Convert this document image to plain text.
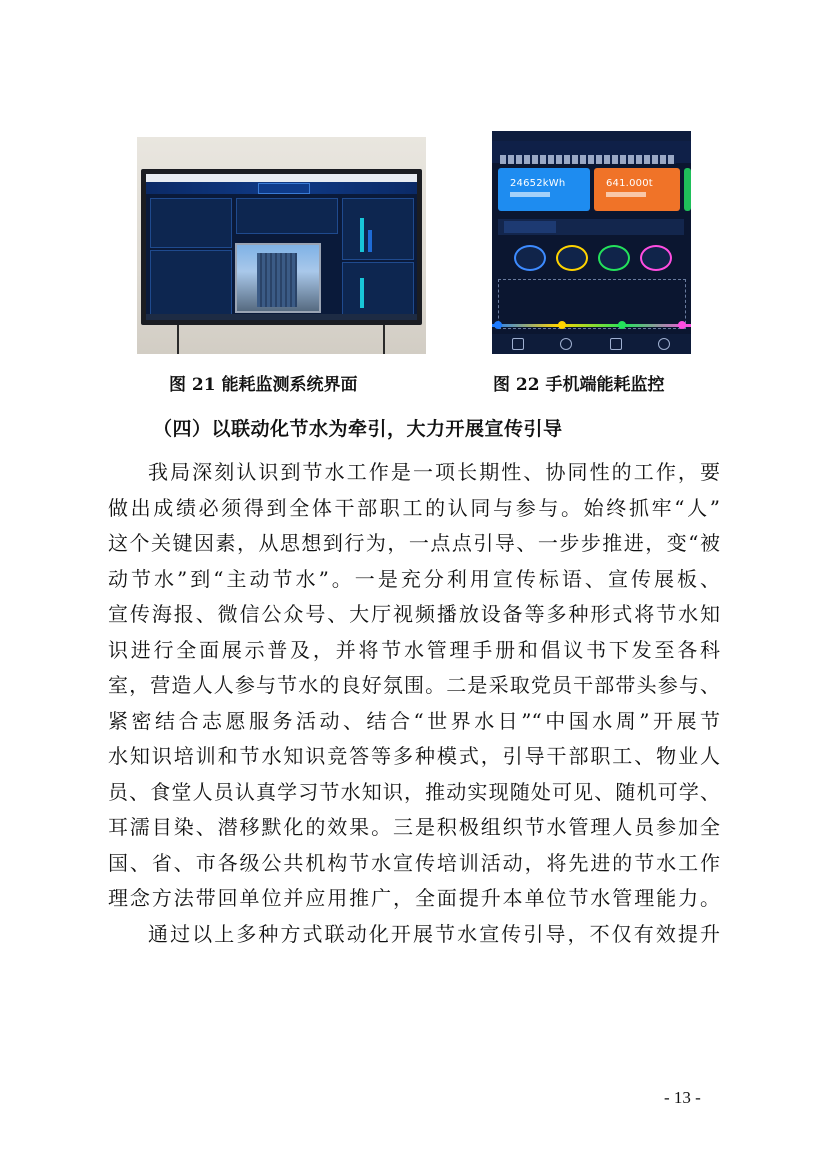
24652kWh	641.000t
图 21 能耗监测系统界面	图 22 手机端能耗监控
（四）以联动化节水为牵引，大力开展宣传引导
我局深刻认识到节水工作是一项长期性、协同性的工作，要
做出成绩必须得到全体干部职工的认同与参与。始终抓牢“人”
这个关键因素，从思想到行为，一点点引导、一步步推进，变“被
动节水”到“主动节水”。一是充分利用宣传标语、宣传展板、
宣传海报、微信公众号、大厅视频播放设备等多种形式将节水知
识进行全面展示普及，并将节水管理手册和倡议书下发至各科
室，营造人人参与节水的良好氛围。二是采取党员干部带头参与、
紧密结合志愿服务活动、结合“世界水日”“中国水周”开展节
水知识培训和节水知识竞答等多种模式，引导干部职工、物业人
员、食堂人员认真学习节水知识，推动实现随处可见、随机可学、
耳濡目染、潜移默化的效果。三是积极组织节水管理人员参加全
国、省、市各级公共机构节水宣传培训活动，将先进的节水工作
理念方法带回单位并应用推广，全面提升本单位节水管理能力。
通过以上多种方式联动化开展节水宣传引导，不仅有效提升
- 13 -
